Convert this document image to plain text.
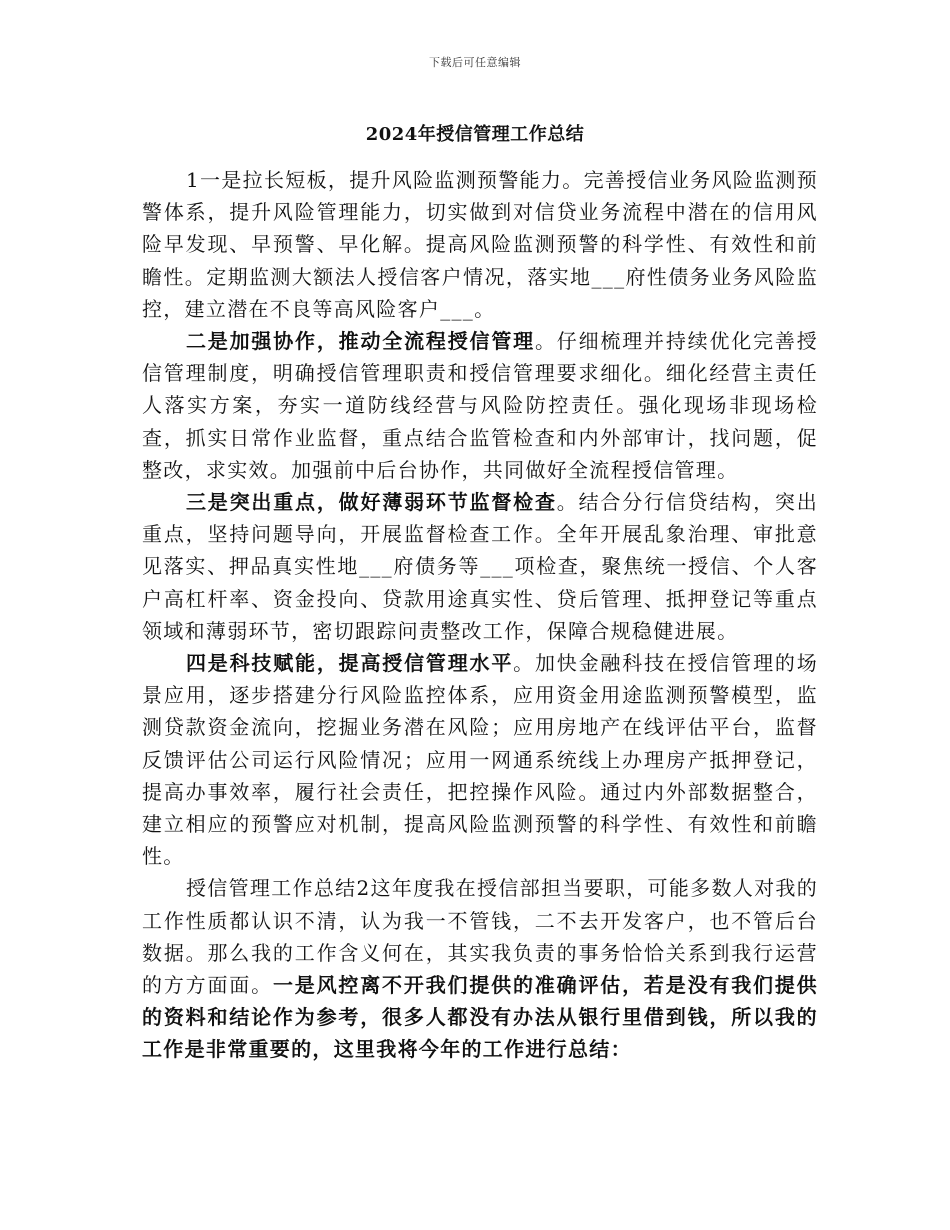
下载后可任意编辑
2024年授信管理工作总结

1一是拉长短板，提升风险监测预警能力。完善授信业务风险监测预警体系，提升风险管理能力，切实做到对信贷业务流程中潜在的信用风险早发现、早预警、早化解。提高风险监测预警的科学性、有效性和前瞻性。定期监测大额法人授信客户情况，落实地___府性债务业务风险监控，建立潜在不良等高风险客户___。

二是加强协作，推动全流程授信管理。仔细梳理并持续优化完善授信管理制度，明确授信管理职责和授信管理要求细化。细化经营主责任人落实方案，夯实一道防线经营与风险防控责任。强化现场非现场检查，抓实日常作业监督，重点结合监管检查和内外部审计，找问题，促整改，求实效。加强前中后台协作，共同做好全流程授信管理。

三是突出重点，做好薄弱环节监督检查。结合分行信贷结构，突出重点，坚持问题导向，开展监督检查工作。全年开展乱象治理、审批意见落实、押品真实性地___府债务等___项检查，聚焦统一授信、个人客户高杠杆率、资金投向、贷款用途真实性、贷后管理、抵押登记等重点领域和薄弱环节，密切跟踪问责整改工作，保障合规稳健进展。

四是科技赋能，提高授信管理水平。加快金融科技在授信管理的场景应用，逐步搭建分行风险监控体系，应用资金用途监测预警模型，监测贷款资金流向，挖掘业务潜在风险；应用房地产在线评估平台，监督反馈评估公司运行风险情况；应用一网通系统线上办理房产抵押登记，提高办事效率，履行社会责任，把控操作风险。通过内外部数据整合，建立相应的预警应对机制，提高风险监测预警的科学性、有效性和前瞻性。

授信管理工作总结2这年度我在授信部担当要职，可能多数人对我的工作性质都认识不清，认为我一不管钱，二不去开发客户，也不管后台数据。那么我的工作含义何在，其实我负责的事务恰恰关系到我行运营的方方面面。一是风控离不开我们提供的准确评估，若是没有我们提供的资料和结论作为参考，很多人都没有办法从银行里借到钱，所以我的工作是非常重要的，这里我将今年的工作进行总结：
